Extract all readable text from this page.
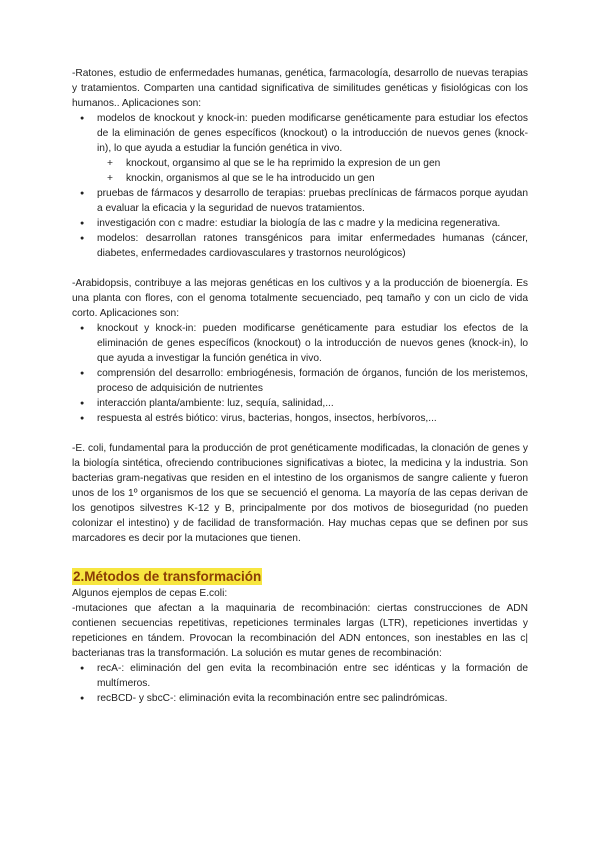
-Ratones, estudio de enfermedades humanas, genética, farmacología, desarrollo de nuevas terapias y tratamientos. Comparten una cantidad significativa de similitudes genéticas y fisiológicas con los humanos.. Aplicaciones son:

● modelos de knockout y knock-in: pueden modificarse genéticamente para estudiar los efectos de la eliminación de genes específicos (knockout) o la introducción de nuevos genes (knock-in), lo que ayuda a estudiar la función genética in vivo.
+ knockout, organsimo al que se le ha reprimido la expresion de un gen
+ knockin, organismos al que se le ha introducido un gen
● pruebas de fármacos y desarrollo de terapias: pruebas preclínicas de fármacos porque ayudan a evaluar la eficacia y la seguridad de nuevos tratamientos.
● investigación con c madre: estudiar la biología de las c madre y la medicina regenerativa.
● modelos: desarrollan ratones transgénicos para imitar enfermedades humanas (cáncer, diabetes, enfermedades cardiovasculares y trastornos neurológicos)

-Arabidopsis, contribuye a las mejoras genéticas en los cultivos y a la producción de bioenergía. Es una planta con flores, con el genoma totalmente secuenciado, peq tamaño y con un ciclo de vida corto. Aplicaciones son:

● knockout y knock-in: pueden modificarse genéticamente para estudiar los efectos de la eliminación de genes específicos (knockout) o la introducción de nuevos genes (knock-in), lo que ayuda a investigar la función genética in vivo.
● comprensión del desarrollo: embriogénesis, formación de órganos, función de los meristemos, proceso de adquisición de nutrientes
● interacción planta/ambiente: luz, sequía, salinidad,...
● respuesta al estrés biótico: virus, bacterias, hongos, insectos, herbívoros,...

-E. coli, fundamental para la producción de prot genéticamente modificadas, la clonación de genes y la biología sintética, ofreciendo contribuciones significativas a biotec, la medicina y la industria. Son bacterias gram-negativas que residen en el intestino de los organismos de sangre caliente y fueron unos de los 1º organismos de los que se secuenció el genoma. La mayoría de las cepas derivan de los genotipos silvestres K-12 y B, principalmente por dos motivos de bioseguridad (no pueden colonizar el intestino) y de facilidad de transformación. Hay muchas cepas que se definen por sus marcadores es decir por la mutaciones que tienen.

2.Métodos de transformación

Algunos ejemplos de cepas E.coli:

-mutaciones que afectan a la maquinaria de recombinación: ciertas construcciones de ADN contienen secuencias repetitivas, repeticiones terminales largas (LTR), repeticiones invertidas y repeticiones en tándem. Provocan la recombinación del ADN entonces, son inestables en las c| bacterianas tras la transformación. La solución es mutar genes de recombinación:

● recA-: eliminación del gen evita la recombinación entre sec idénticas y la formación de multímeros.
● recBCD- y sbcC-: eliminación evita la recombinación entre sec palindrómicas.
